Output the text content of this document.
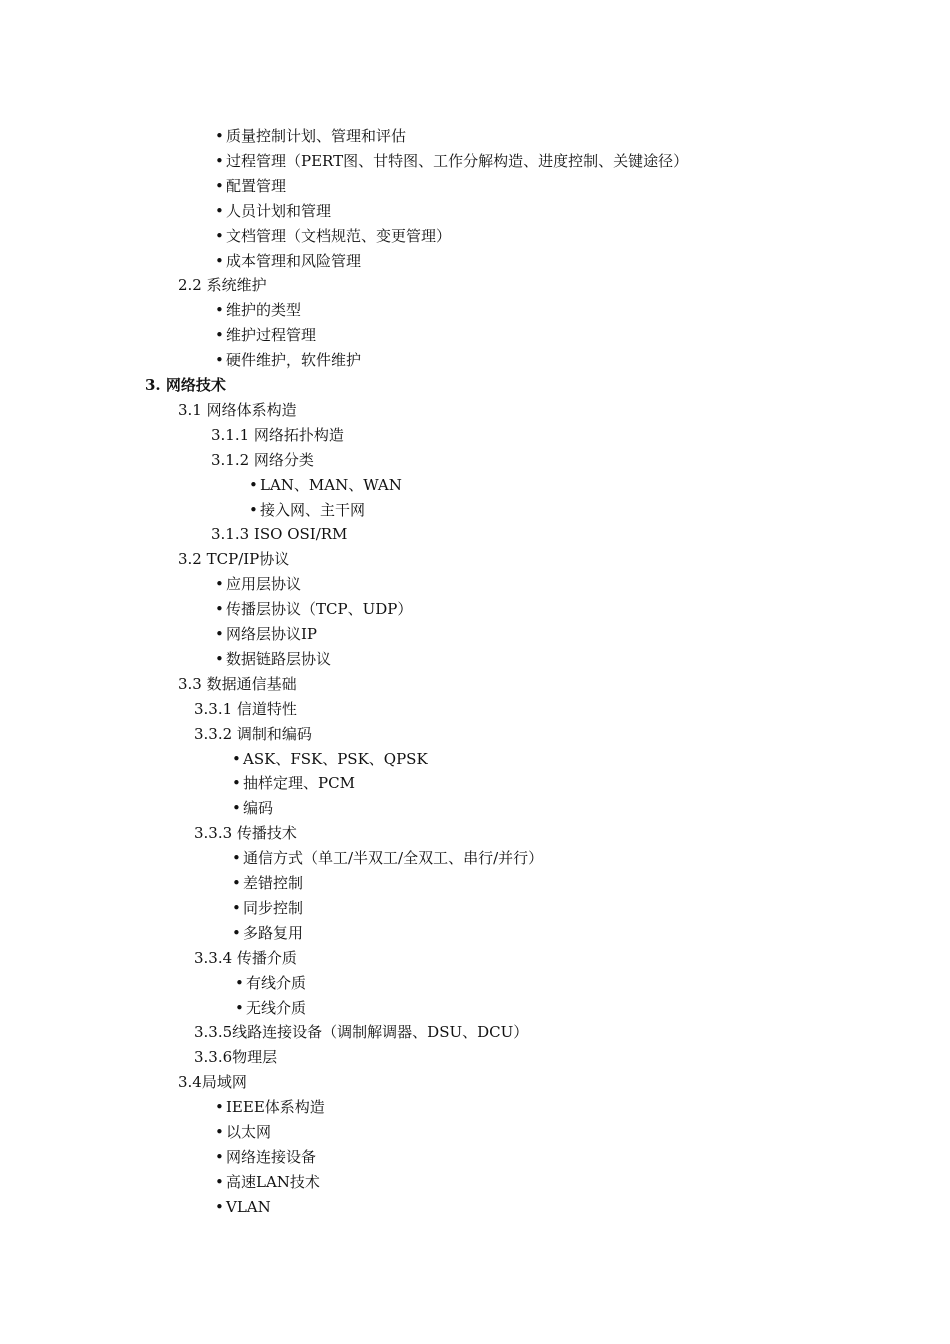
• 质量控制计划、管理和评估
• 过程管理（PERT图、甘特图、工作分解构造、进度控制、关键途径）
• 配置管理
• 人员计划和管理
• 文档管理（文档规范、变更管理）
• 成本管理和风险管理
2.2 系统维护
• 维护的类型
• 维护过程管理
• 硬件维护，软件维护
3. 网络技术
3.1 网络体系构造
3.1.1 网络拓扑构造
3.1.2 网络分类
• LAN、MAN、WAN
• 接入网、主干网
3.1.3 ISO OSI/RM
3.2 TCP/IP协议
• 应用层协议
• 传播层协议（TCP、UDP）
• 网络层协议IP
• 数据链路层协议
3.3 数据通信基础
3.3.1 信道特性
3.3.2 调制和编码
• ASK、FSK、PSK、QPSK
• 抽样定理、PCM
• 编码
3.3.3 传播技术
• 通信方式（单工/半双工/全双工、串行/并行）
• 差错控制
• 同步控制
• 多路复用
3.3.4 传播介质
• 有线介质
• 无线介质
3.3.5线路连接设备（调制解调器、DSU、DCU）
3.3.6物理层
3.4局域网
• IEEE体系构造
• 以太网
• 网络连接设备
• 高速LAN技术
• VLAN
